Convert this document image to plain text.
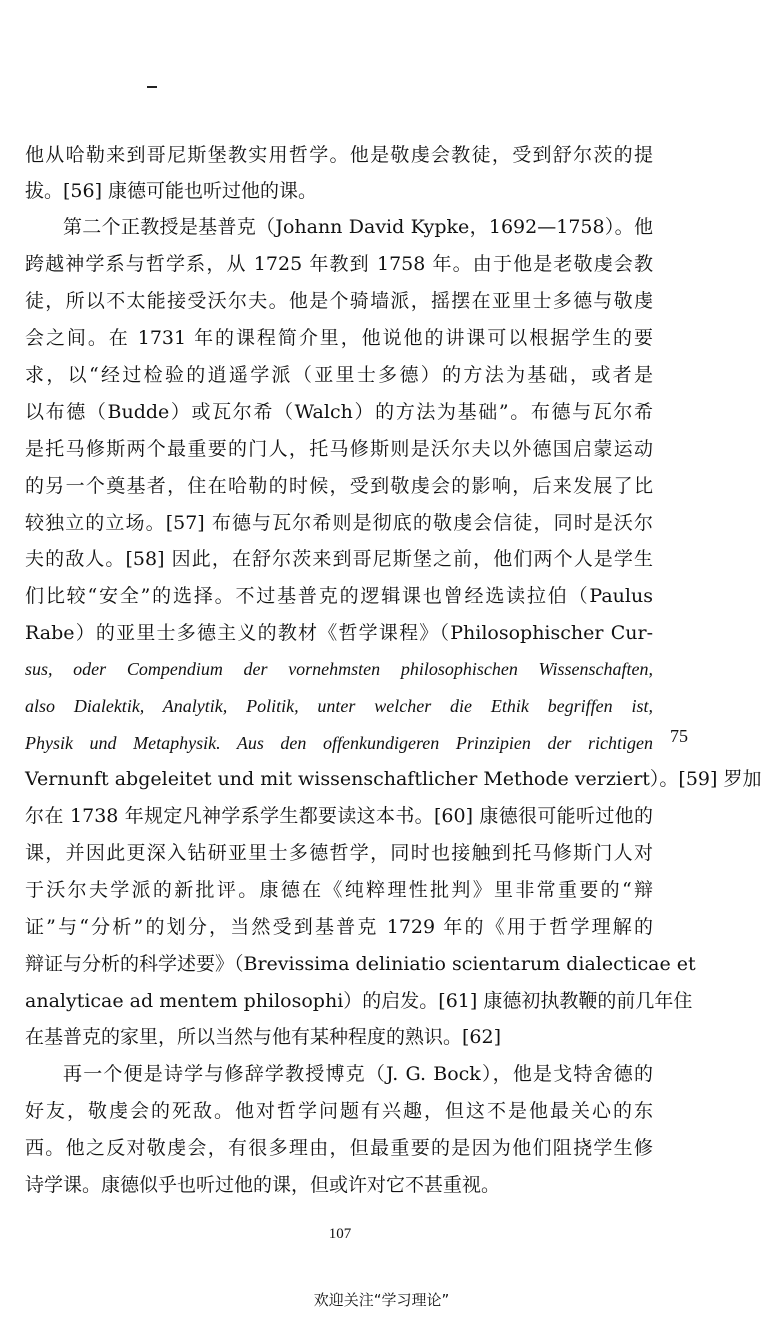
他从哈勒来到哥尼斯堡教实用哲学。他是敬虔会教徒，受到舒尔茨的提
拔。[56] 康德可能也听过他的课。
第二个正教授是基普克（Johann David Kypke，1692—1758）。他
跨越神学系与哲学系，从 1725 年教到 1758 年。由于他是老敬虔会教
徒，所以不太能接受沃尔夫。他是个骑墙派，摇摆在亚里士多德与敬虔
会之间。在 1731 年的课程简介里，他说他的讲课可以根据学生的要
求，以“经过检验的逍遥学派（亚里士多德）的方法为基础，或者是
以布德（Budde）或瓦尔希（Walch）的方法为基础”。布德与瓦尔希
是托马修斯两个最重要的门人，托马修斯则是沃尔夫以外德国启蒙运动
的另一个奠基者，住在哈勒的时候，受到敬虔会的影响，后来发展了比
较独立的立场。[57] 布德与瓦尔希则是彻底的敬虔会信徒，同时是沃尔
夫的敌人。[58] 因此，在舒尔茨来到哥尼斯堡之前，他们两个人是学生
们比较“安全”的选择。不过基普克的逻辑课也曾经选读拉伯（Paulus
Rabe）的亚里士多德主义的教材《哲学课程》（Philosophischer Cur-
sus, oder Compendium der vornehmsten philosophischen Wissenschaften,
also Dialektik, Analytik, Politik, unter welcher die Ethik begriffen ist,
Physik und Metaphysik. Aus den offenkundigeren Prinzipien der richtigen
Vernunft abgeleitet und mit wissenschaftlicher Methode verziert）。[59] 罗加
尔在 1738 年规定凡神学系学生都要读这本书。[60] 康德很可能听过他的
课，并因此更深入钻研亚里士多德哲学，同时也接触到托马修斯门人对
于沃尔夫学派的新批评。康德在《纯粹理性批判》里非常重要的“辩
证”与“分析”的划分，当然受到基普克 1729 年的《用于哲学理解的
辩证与分析的科学述要》（Brevissima deliniatio scientarum dialecticae et
analyticae ad mentem philosophi）的启发。[61] 康德初执教鞭的前几年住
在基普克的家里，所以当然与他有某种程度的熟识。[62]
再一个便是诗学与修辞学教授博克（J. G. Bock），他是戈特舍德的
好友，敬虔会的死敌。他对哲学问题有兴趣，但这不是他最关心的东
西。他之反对敬虔会，有很多理由，但最重要的是因为他们阻挠学生修
诗学课。康德似乎也听过他的课，但或许对它不甚重视。
75
107
欢迎关注“学习理论”
